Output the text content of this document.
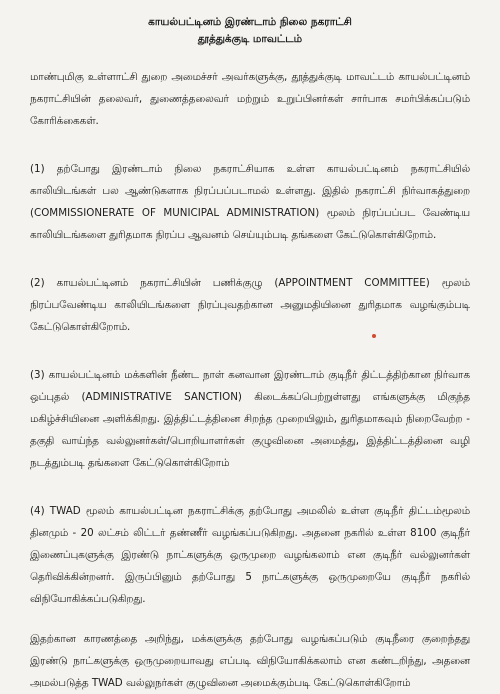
காயல்பட்டினம் இரண்டாம் நிலை நகராட்சி
தூத்துக்குடி மாவட்டம்

மாண்புமிகு உள்ளாட்சி துறை அமைச்சர் அவர்களுக்கு, தூத்துக்குடி மாவட்டம் காயல்பட்டினம் நகராட்சியின் தலைவர், துணைத்தலைவர் மற்றும் உறுப்பினர்கள் சார்பாக சமர்பிக்கப்படும் கோரிக்கைகள்.

(1) தற்போது இரண்டாம் நிலை நகராட்சியாக உள்ள காயல்பட்டினம் நகராட்சியில் காலியிடங்கள் பல ஆண்டுகளாக நிரப்பப்படாமல் உள்ளது. இதில் நகராட்சி நிர்வாகத்துறை (COMMISSIONERATE OF MUNICIPAL ADMINISTRATION) மூலம் நிரப்பப்பட வேண்டிய காலியிடங்களை துரிதமாக நிரப்ப ஆவனம் செய்யும்படி தங்களை கேட்டுகொள்கிறோம்.

(2) காயல்பட்டினம் நகராட்சியின் பணிக்குழு (APPOINTMENT COMMITTEE) மூலம் நிரப்பவேண்டிய காலியிடங்களை நிரப்புவதற்கான அனுமதியினை துரிதமாக வழங்கும்படி கேட்டுகொள்கிறோம்.

(3) காயல்பட்டினம் மக்களின் நீண்ட நாள் கனவான இரண்டாம் குடிநீர் திட்டத்திற்கான நிர்வாக ஒப்புதல் (ADMINISTRATIVE SANCTION) கிடைக்கப்பெற்றுள்ளது எங்களுக்கு மிகுந்த மகிழ்ச்சியினை அளிக்கிறது. இத்திட்டத்தினை சிறந்த முறையிலும், துரிதமாகவும் நிறைவேற்ற - தகுதி வாய்ந்த வல்லுனர்கள்/பொறியாளர்கள் குழுவினை அமைத்து, இத்திட்டத்தினை வழி நடத்தும்படி தங்களை கேட்டுகொள்கிறோம்

(4) TWAD மூலம் காயல்பட்டின நகராட்சிக்கு தற்போது அமலில் உள்ள குடிநீர் திட்டம்மூலம் தினமும் - 20 லட்சம் லிட்டர் தண்ணீர் வழங்கப்படுகிறது. அதனை நகரில் உள்ள 8100 குடிநீர் இணைப்புகளுக்கு இரண்டு நாட்களுக்கு ஒருமுறை வழங்கலாம் என குடிநீர் வல்லுனர்கள் தெரிவிக்கின்றனர். இருப்பினும் தற்போது 5 நாட்களுக்கு ஒருமுறையே குடிநீர் நகரில் விநியோகிக்கப்படுகிறது.

இதற்கான காரணத்தை அறிந்து, மக்களுக்கு தற்போது வழங்கப்படும் குடிநீரை குறைந்தது இரண்டு நாட்களுக்கு ஒருமுறையாவது எப்படி விநியோகிக்கலாம் என கண்டறிந்து, அதனை அமல்படுத்த TWAD வல்லுநர்கள் குழுவினை அமைக்கும்படி கேட்டுகொள்கிறோம்
